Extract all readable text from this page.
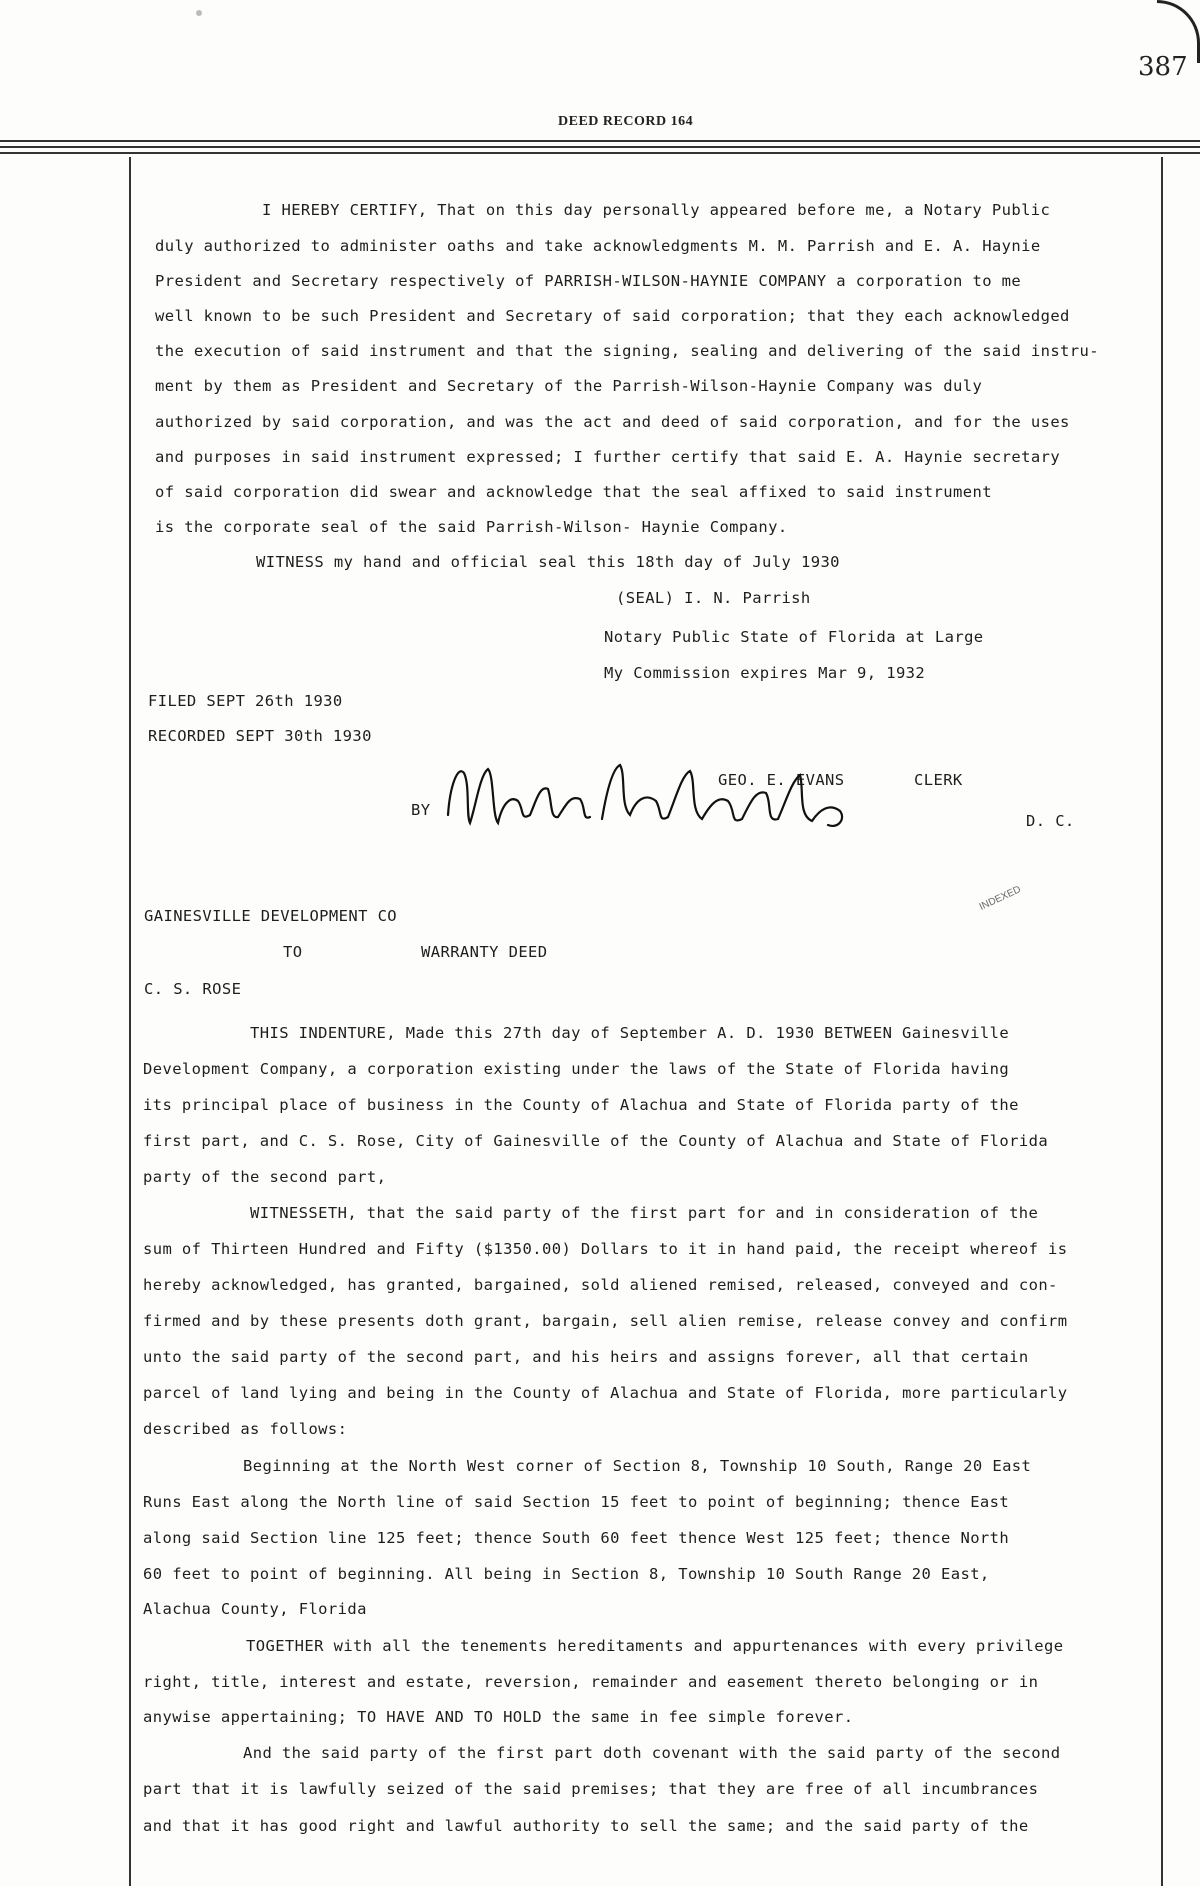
387
DEED RECORD 164
I HEREBY CERTIFY, That on this day personally appeared before me, a Notary Public
duly authorized to administer oaths and take acknowledgments M. M. Parrish and E. A. Haynie
President and Secretary respectively of PARRISH-WILSON-HAYNIE COMPANY a corporation to me
well known to be such President and Secretary of said corporation; that they each acknowledged
the execution of said instrument and that the signing, sealing and delivering of the said instru-
ment by them as President and Secretary of the Parrish-Wilson-Haynie Company was duly
authorized by said corporation, and was the act and deed of said corporation, and for the uses
and purposes in said instrument expressed; I further certify that said E. A. Haynie secretary
of said corporation did swear and acknowledge that the seal affixed to said instrument
is the corporate seal of the said Parrish-Wilson- Haynie Company.
WITNESS my hand and official seal this 18th day of July 1930
(SEAL) I. N. Parrish
Notary Public State of Florida at Large
My Commission expires Mar 9, 1932
FILED SEPT 26th 1930
RECORDED SEPT 30th 1930
GEO. E. EVANS	CLERK
BY
D. C.
GAINESVILLE DEVELOPMENT CO
TO	WARRANTY DEED
C. S. ROSE
INDEXED
THIS INDENTURE, Made this 27th day of September A. D. 1930 BETWEEN Gainesville
Development Company, a corporation existing under the laws of the State of Florida having
its principal place of business in the County of Alachua and State of Florida party of the
first part, and C. S. Rose, City of Gainesville of the County of Alachua and State of Florida
party of the second part,
WITNESSETH, that the said party of the first part for and in consideration of the
sum of Thirteen Hundred and Fifty ($1350.00) Dollars to it in hand paid, the receipt whereof is
hereby acknowledged, has granted, bargained, sold aliened remised, released, conveyed and con-
firmed and by these presents doth grant, bargain, sell alien remise, release convey and confirm
unto the said party of the second part, and his heirs and assigns forever, all that certain
parcel of land lying and being in the County of Alachua and State of Florida, more particularly
described as follows:
Beginning at the North West corner of Section 8, Township 10 South, Range 20 East
Runs East along the North line of said Section 15 feet to point of beginning; thence East
along said Section line 125 feet; thence South 60 feet thence West 125 feet; thence North
60 feet to point of beginning. All being in Section 8, Township 10 South Range 20 East,
Alachua County, Florida
TOGETHER with all the tenements hereditaments and appurtenances with every privilege
right, title, interest and estate, reversion, remainder and easement thereto belonging or in
anywise appertaining; TO HAVE AND TO HOLD the same in fee simple forever.
And the said party of the first part doth covenant with the said party of the second
part that it is lawfully seized of the said premises; that they are free of all incumbrances
and that it has good right and lawful authority to sell the same; and the said party of the
